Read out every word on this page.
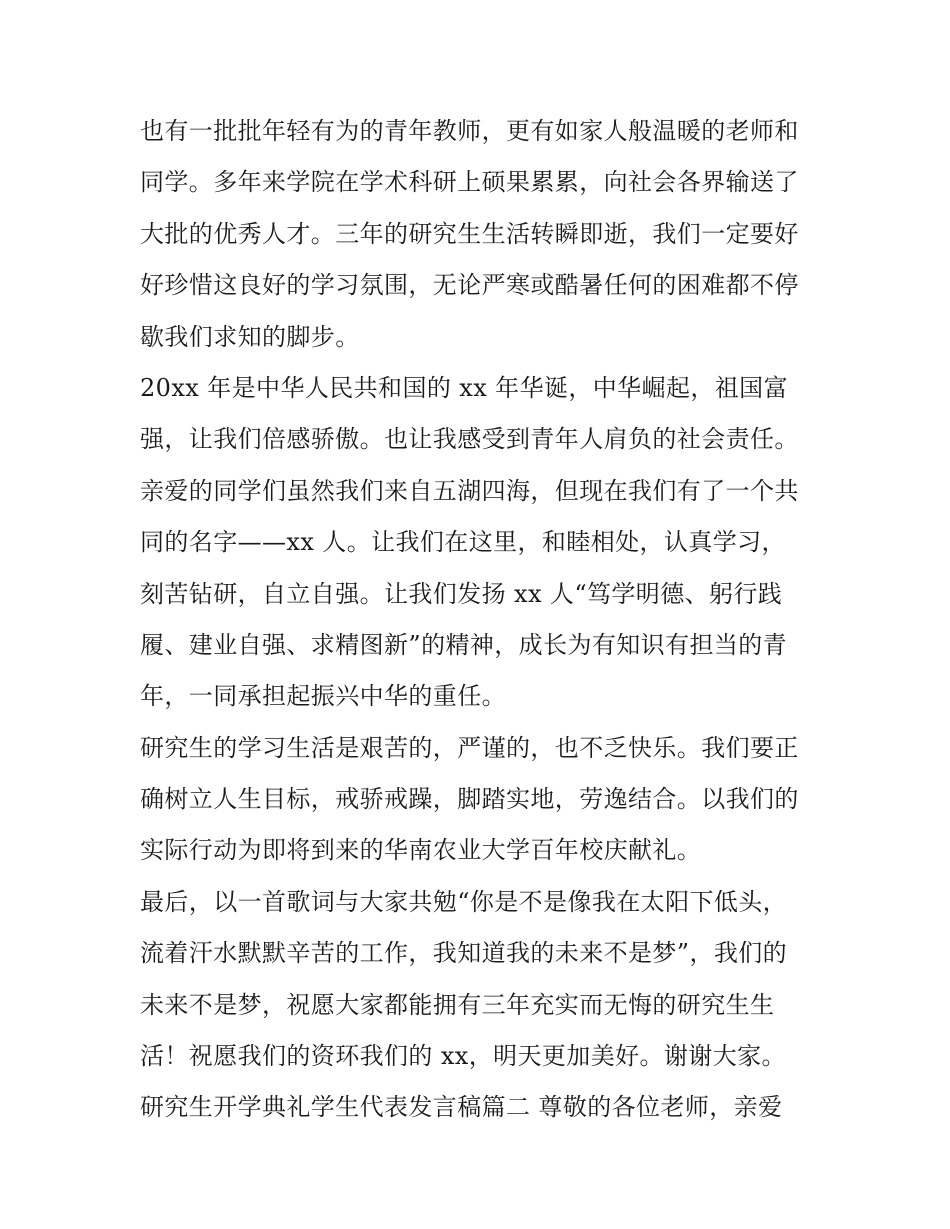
也有一批批年轻有为的青年教师，更有如家人般温暖的老师和
同学。多年来学院在学术科研上硕果累累，向社会各界输送了
大批的优秀人才。三年的研究生生活转瞬即逝，我们一定要好
好珍惜这良好的学习氛围，无论严寒或酷暑任何的困难都不停
歇我们求知的脚步。
20xx 年是中华人民共和国的 xx 年华诞，中华崛起，祖国富
强，让我们倍感骄傲。也让我感受到青年人肩负的社会责任。
亲爱的同学们虽然我们来自五湖四海，但现在我们有了一个共
同的名字——xx 人。让我们在这里，和睦相处，认真学习，
刻苦钻研，自立自强。让我们发扬 xx 人“笃学明德、躬行践
履、建业自强、求精图新”的精神，成长为有知识有担当的青
年，一同承担起振兴中华的重任。
研究生的学习生活是艰苦的，严谨的，也不乏快乐。我们要正
确树立人生目标，戒骄戒躁，脚踏实地，劳逸结合。以我们的
实际行动为即将到来的华南农业大学百年校庆献礼。
最后，以一首歌词与大家共勉“你是不是像我在太阳下低头，
流着汗水默默辛苦的工作，我知道我的未来不是梦”，我们的
未来不是梦，祝愿大家都能拥有三年充实而无悔的研究生生
活！祝愿我们的资环我们的 xx，明天更加美好。谢谢大家。
研究生开学典礼学生代表发言稿篇二 尊敬的各位老师，亲爱
